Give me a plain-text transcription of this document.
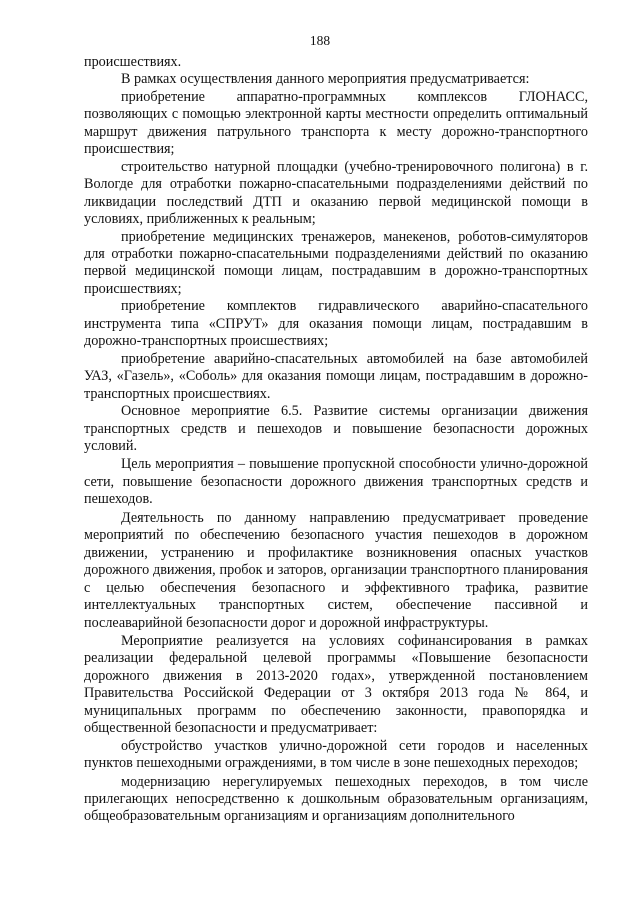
188

происшествиях.

В рамках осуществления данного мероприятия предусматривается:

приобретение аппаратно-программных комплексов ГЛОНАСС, позволяющих с помощью электронной карты местности определить оптимальный маршрут движения патрульного транспорта к месту дорожно-транспортного происшествия;

строительство натурной площадки (учебно-тренировочного полигона) в г. Вологде для отработки пожарно-спасательными подразделениями действий по ликвидации последствий ДТП и оказанию первой медицинской помощи в условиях, приближенных к реальным;

приобретение медицинских тренажеров, манекенов, роботов-симуляторов для отработки пожарно-спасательными подразделениями действий по оказанию первой медицинской помощи лицам, пострадавшим в дорожно-транспортных происшествиях;

приобретение комплектов гидравлического аварийно-спасательного инструмента типа «СПРУТ» для оказания помощи лицам, пострадавшим в дорожно-транспортных происшествиях;

приобретение аварийно-спасательных автомобилей на базе автомобилей УАЗ, «Газель», «Соболь» для оказания помощи лицам, пострадавшим в дорожно-транспортных происшествиях.

Основное мероприятие 6.5. Развитие системы организации движения транспортных средств и пешеходов и повышение безопасности дорожных условий.

Цель мероприятия – повышение пропускной способности улично-дорожной сети, повышение безопасности дорожного движения транспортных средств и пешеходов.

Деятельность по данному направлению предусматривает проведение мероприятий по обеспечению безопасного участия пешеходов в дорожном движении, устранению и профилактике возникновения опасных участков дорожного движения, пробок и заторов, организации транспортного планирования с целью обеспечения безопасного и эффективного трафика, развитие интеллектуальных транспортных систем, обеспечение пассивной и послеаварийной безопасности дорог и дорожной инфраструктуры.

Мероприятие реализуется на условиях софинансирования в рамках реализации федеральной целевой программы «Повышение безопасности дорожного движения в 2013-2020 годах», утвержденной постановлением Правительства Российской Федерации от 3 октября 2013 года № 864, и муниципальных программ по обеспечению законности, правопорядка и общественной безопасности и предусматривает:

обустройство участков улично-дорожной сети городов и населенных пунктов пешеходными ограждениями, в том числе в зоне пешеходных переходов;

модернизацию нерегулируемых пешеходных переходов, в том числе прилегающих непосредственно к дошкольным образовательным организациям, общеобразовательным организациям и организациям дополнительного
